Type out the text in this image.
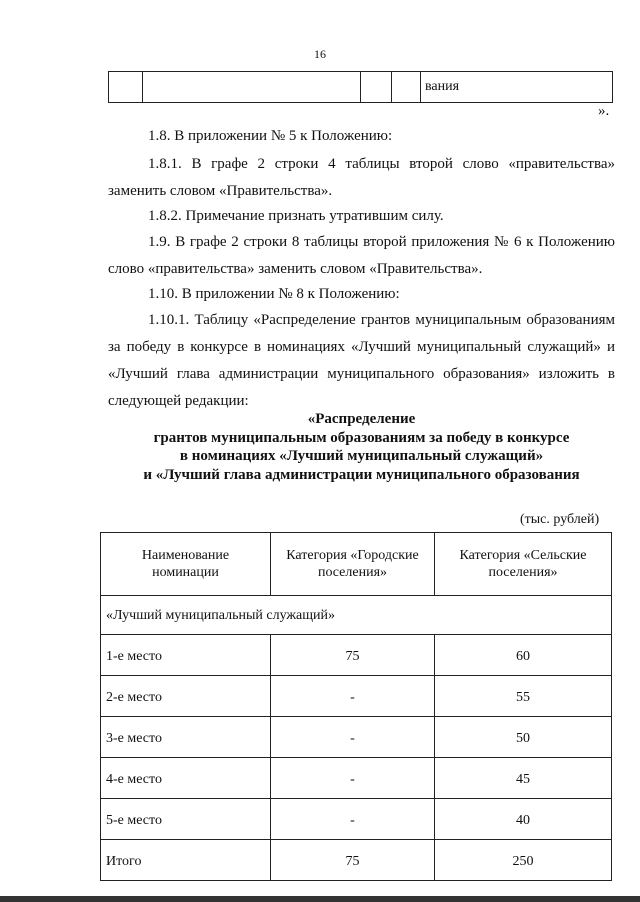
16
				вания
».

1.8. В приложении № 5 к Положению:

1.8.1. В графе 2 строки 4 таблицы второй слово «правительства» заменить словом «Правительства».

1.8.2. Примечание признать утратившим силу.

1.9. В графе 2 строки 8 таблицы второй приложения № 6 к Положению слово «правительства» заменить словом «Правительства».

1.10. В приложении № 8 к Положению:

1.10.1. Таблицу «Распределение грантов муниципальным образованиям за победу в конкурсе в номинациях «Лучший муниципальный служащий» и «Лучший глава администрации муниципального образования» изложить в следующей редакции:

«Распределение
грантов муниципальным образованиям за победу в конкурсе
в номинациях «Лучший муниципальный служащий»
и «Лучший глава администрации муниципального образования
(тыс. рублей)
Наименование номинации	Категория «Городские поселения»	Категория «Сельские поселения»
«Лучший муниципальный служащий»		
1-е место	75	60
2-е место	-	55
3-е место	-	50
4-е место	-	45
5-е место	-	40
Итого	75	250
